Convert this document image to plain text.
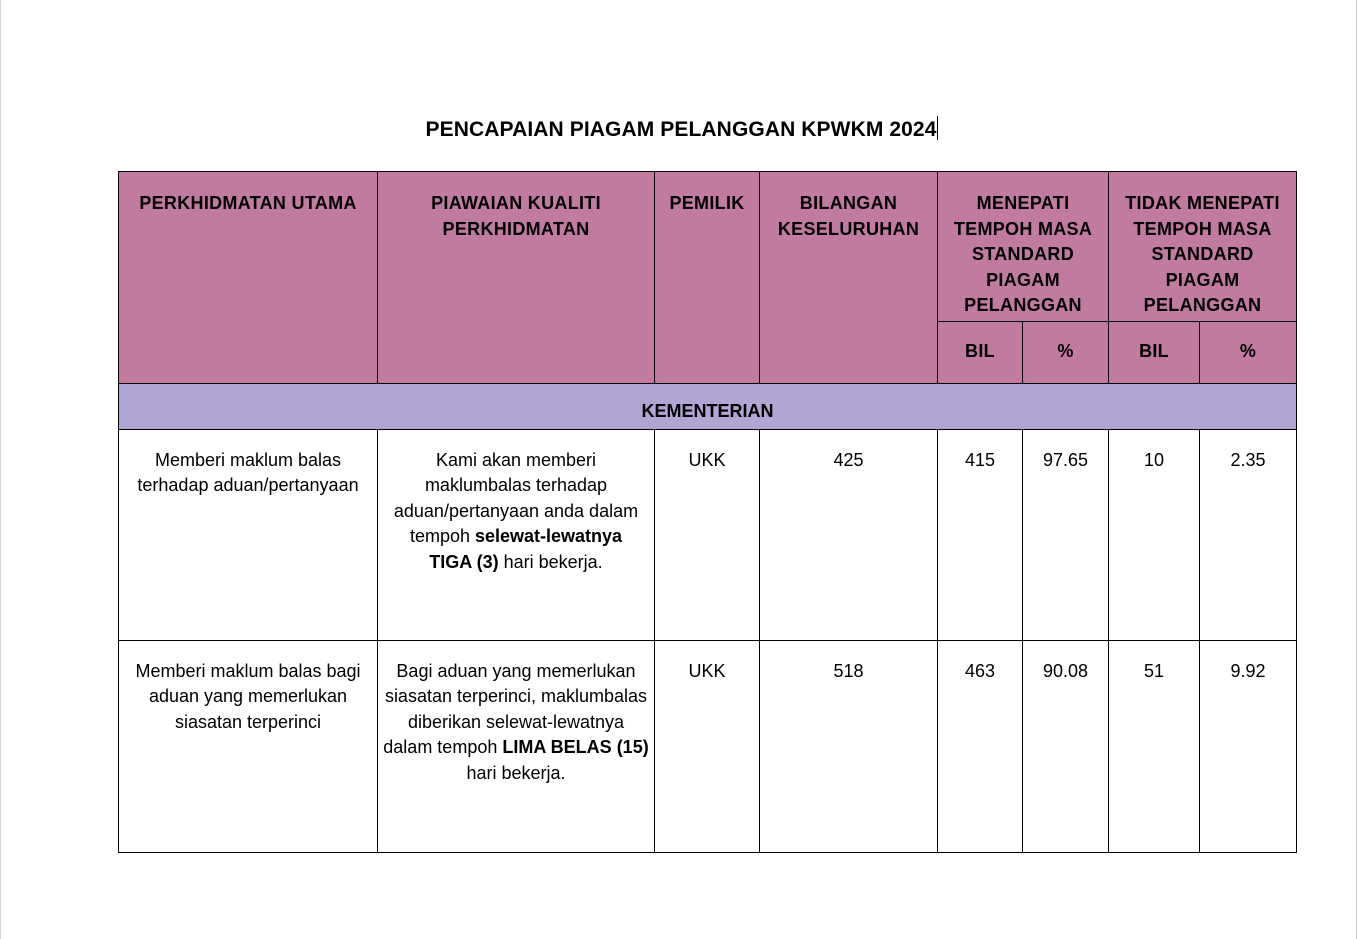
PENCAPAIAN PIAGAM PELANGGAN KPWKM 2024
PERKHIDMATAN UTAMA	PIAWAIAN KUALITI PERKHIDMATAN	PEMILIK	BILANGAN KESELURUHAN	MENEPATI TEMPOH MASA STANDARD PIAGAM PELANGGAN		TIDAK MENEPATI TEMPOH MASA STANDARD PIAGAM PELANGGAN	

				BIL	%	BIL	%

KEMENTERIAN							

Memberi maklum balas terhadap aduan/pertanyaan	Kami akan memberi maklumbalas terhadap aduan/pertanyaan anda dalam tempoh selewat-lewatnya TIGA (3) hari bekerja.	UKK	425	415	97.65	10	2.35

Memberi maklum balas bagi aduan yang memerlukan siasatan terperinci	Bagi aduan yang memerlukan siasatan terperinci, maklumbalas diberikan selewat-lewatnya dalam tempoh LIMA BELAS (15) hari bekerja.	UKK	518	463	90.08	51	9.92
